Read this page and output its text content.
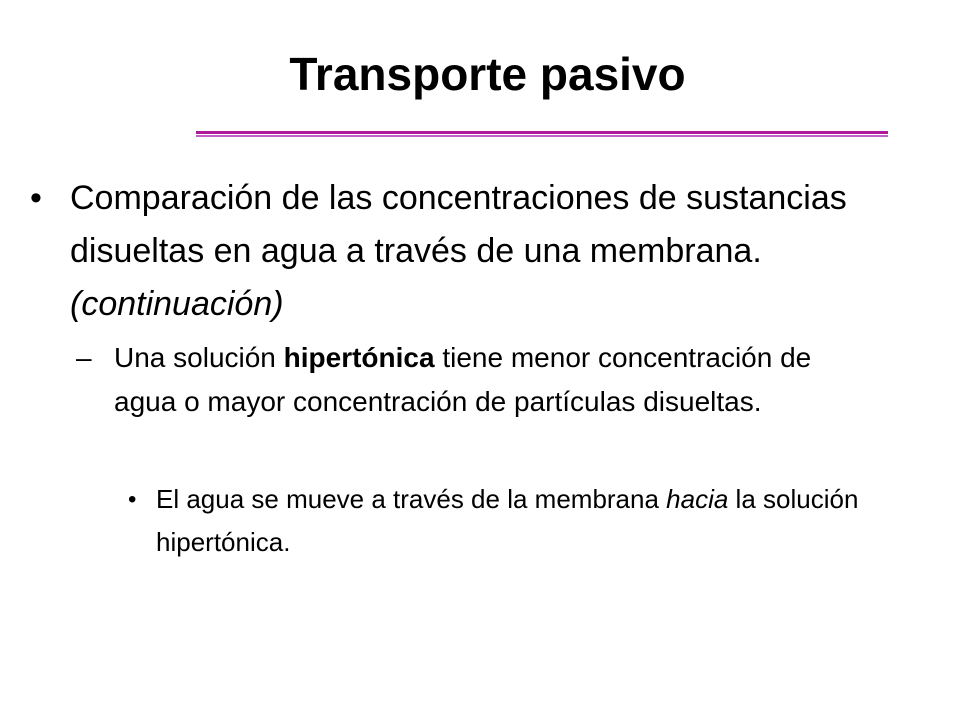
Transporte pasivo
• Comparación de las concentraciones de sustancias disueltas en agua a través de una membrana. (continuación)
– Una solución hipertónica tiene menor concentración de agua o mayor concentración de partículas disueltas.
• El agua se mueve a través de la membrana hacia la solución hipertónica.
